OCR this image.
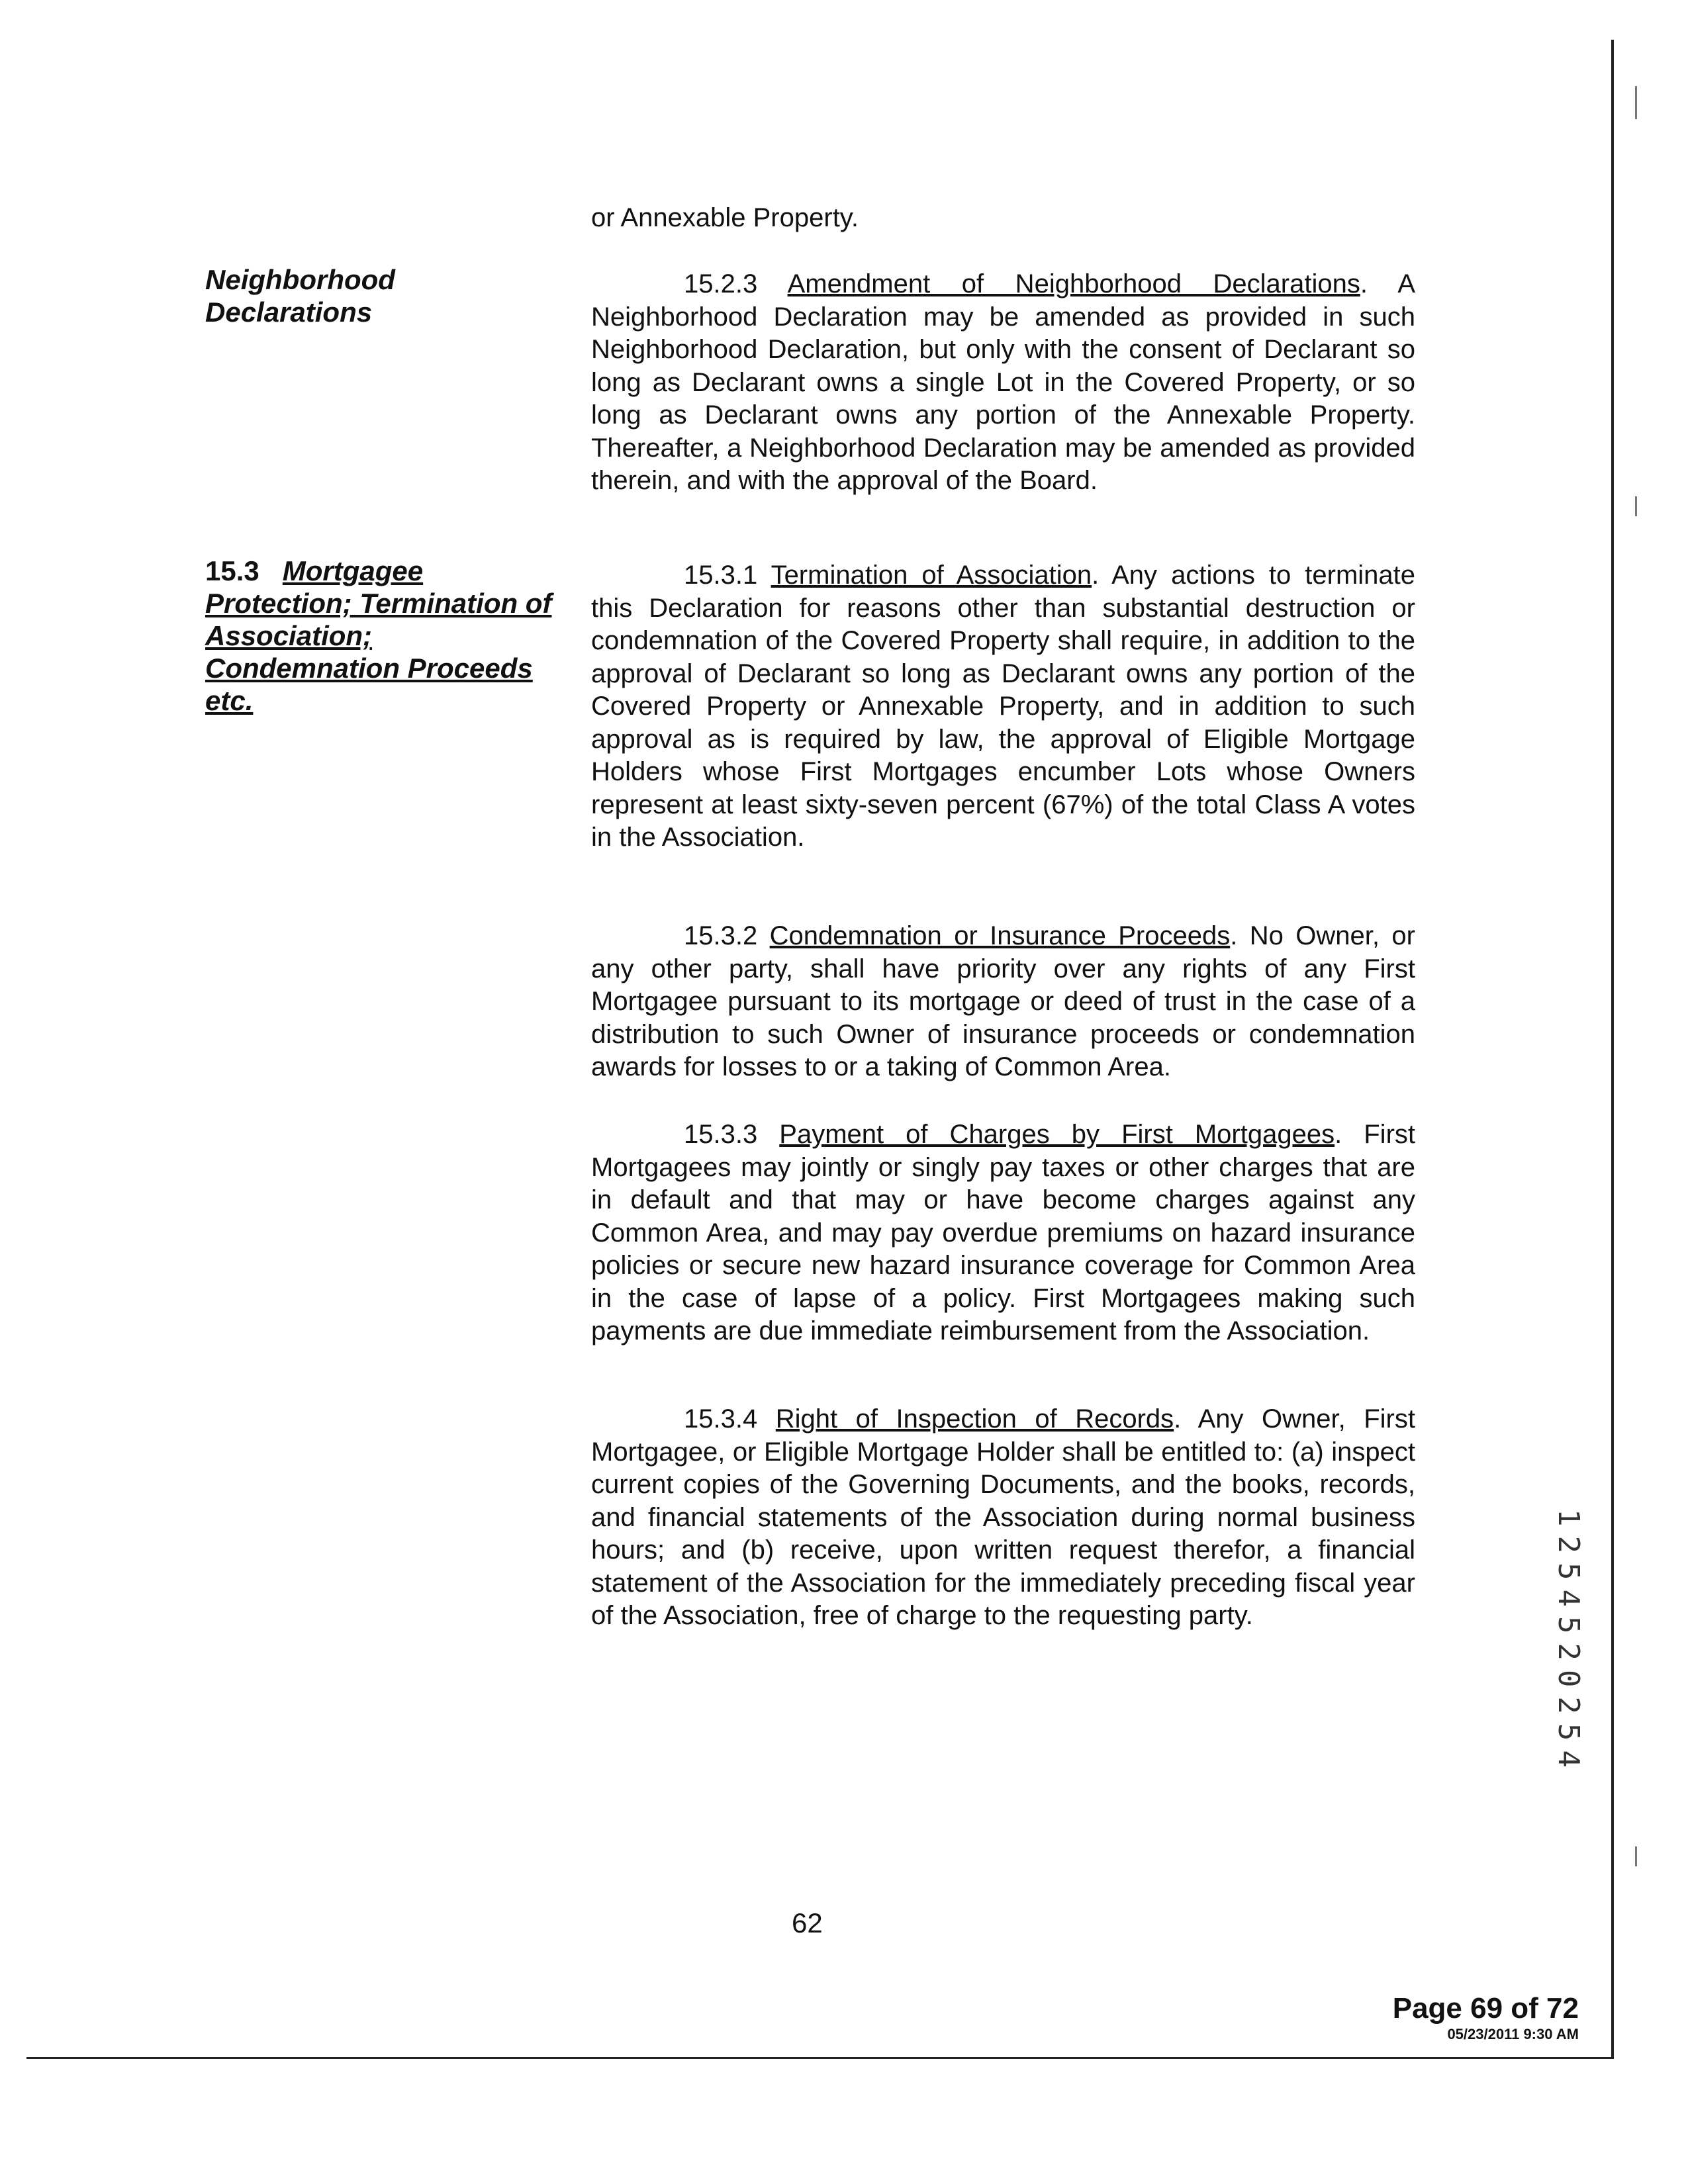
or Annexable Property.

Neighborhood
Declarations

15.2.3 Amendment of Neighborhood Declarations. A Neighborhood Declaration may be amended as provided in such Neighborhood Declaration, but only with the consent of Declarant so long as Declarant owns a single Lot in the Covered Property, or so long as Declarant owns any portion of the Annexable Property. Thereafter, a Neighborhood Declaration may be amended as provided therein, and with the approval of the Board.

15.3 Mortgagee
Protection; Termination of
Association;
Condemnation Proceeds
etc.

15.3.1 Termination of Association. Any actions to terminate this Declaration for reasons other than substantial destruction or condemnation of the Covered Property shall require, in addition to the approval of Declarant so long as Declarant owns any portion of the Covered Property or Annexable Property, and in addition to such approval as is required by law, the approval of Eligible Mortgage Holders whose First Mortgages encumber Lots whose Owners represent at least sixty-seven percent (67%) of the total Class A votes in the Association.

15.3.2 Condemnation or Insurance Proceeds. No Owner, or any other party, shall have priority over any rights of any First Mortgagee pursuant to its mortgage or deed of trust in the case of a distribution to such Owner of insurance proceeds or condemnation awards for losses to or a taking of Common Area.

15.3.3 Payment of Charges by First Mortgagees. First Mortgagees may jointly or singly pay taxes or other charges that are in default and that may or have become charges against any Common Area, and may pay overdue premiums on hazard insurance policies or secure new hazard insurance coverage for Common Area in the case of lapse of a policy. First Mortgagees making such payments are due immediate reimbursement from the Association.

15.3.4 Right of Inspection of Records. Any Owner, First Mortgagee, or Eligible Mortgage Holder shall be entitled to: (a) inspect current copies of the Governing Documents, and the books, records, and financial statements of the Association during normal business hours; and (b) receive, upon written request therefor, a financial statement of the Association for the immediately preceding fiscal year of the Association, free of charge to the requesting party.	1254520254
62
Page 69 of 72
05/23/2011 9:30 AM
